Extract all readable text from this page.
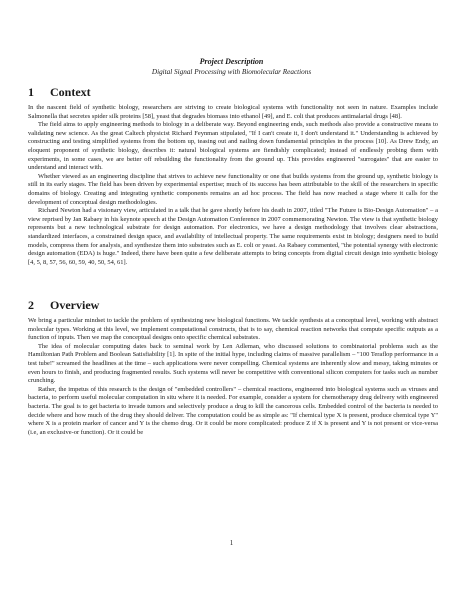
Project Description
Digital Signal Processing with Biomolecular Reactions
1 Context

In the nascent field of synthetic biology, researchers are striving to create biological systems with functionality not seen in nature. Examples include Salmonella that secretes spider silk proteins [58], yeast that degrades biomass into ethanol [49], and E. coli that produces antimalarial drugs [48].

The field aims to apply engineering methods to biology in a deliberate way. Beyond engineering ends, such methods also provide a constructive means to validating new science. As the great Caltech physicist Richard Feynman stipulated, "If I can't create it, I don't understand it." Understanding is achieved by constructing and testing simplified systems from the bottom up, teasing out and nailing down fundamental principles in the process [10]. As Drew Endy, an eloquent proponent of synthetic biology, describes it: natural biological systems are fiendishly complicated; instead of endlessly probing them with experiments, in some cases, we are better off rebuilding the functionality from the ground up. This provides engineered "surrogates" that are easier to understand and interact with.

Whether viewed as an engineering discipline that strives to achieve new functionality or one that builds systems from the ground up, synthetic biology is still in its early stages. The field has been driven by experimental expertise; much of its success has been attributable to the skill of the researchers in specific domains of biology. Creating and integrating synthetic components remains an ad hoc process. The field has now reached a stage where it calls for the development of conceptual design methodologies.

Richard Newton had a visionary view, articulated in a talk that he gave shortly before his death in 2007, titled "The Future is Bio-Design Automation" – a view reprised by Jan Rabaey in his keynote speech at the Design Automation Conference in 2007 commemorating Newton. The view is that synthetic biology represents but a new technological substrate for design automation. For electronics, we have a design methodology that involves clear abstractions, standardized interfaces, a constrained design space, and availability of intellectual property. The same requirements exist in biology; designers need to build models, compress them for analysis, and synthesize them into substrates such as E. coli or yeast. As Rabaey commented, "the potential synergy with electronic design automation (EDA) is huge." Indeed, there have been quite a few deliberate attempts to bring concepts from digital circuit design into synthetic biology [4, 5, 8, 57, 56, 60, 59, 40, 50, 54, 61].

2 Overview

We bring a particular mindset to tackle the problem of synthesizing new biological functions. We tackle synthesis at a conceptual level, working with abstract molecular types. Working at this level, we implement computational constructs, that is to say, chemical reaction networks that compute specific outputs as a function of inputs. Then we map the conceptual designs onto specific chemical substrates.

The idea of molecular computing dates back to seminal work by Len Adleman, who discussed solutions to combinatorial problems such as the Hamiltonian Path Problem and Boolean Satisfiability [1]. In spite of the initial hype, including claims of massive parallelism – "100 Teraflop performance in a test tube!" screamed the headlines at the time – such applications were never compelling. Chemical systems are inherently slow and messy, taking minutes or even hours to finish, and producing fragmented results. Such systems will never be competitive with conventional silicon computers for tasks such as number crunching.

Rather, the impetus of this research is the design of "embedded controllers" – chemical reactions, engineered into biological systems such as viruses and bacteria, to perform useful molecular computation in situ where it is needed. For example, consider a system for chemotherapy drug delivery with engineered bacteria. The goal is to get bacteria to invade tumors and selectively produce a drug to kill the cancerous cells. Embedded control of the bacteria is needed to decide where and how much of the drug they should deliver. The computation could be as simple as: "If chemical type X is present, produce chemical type Y" where X is a protein marker of cancer and Y is the chemo drug. Or it could be more complicated: produce Z if X is present and Y is not present or vice-versa (i.e, an exclusive-or function). Or it could be

1
